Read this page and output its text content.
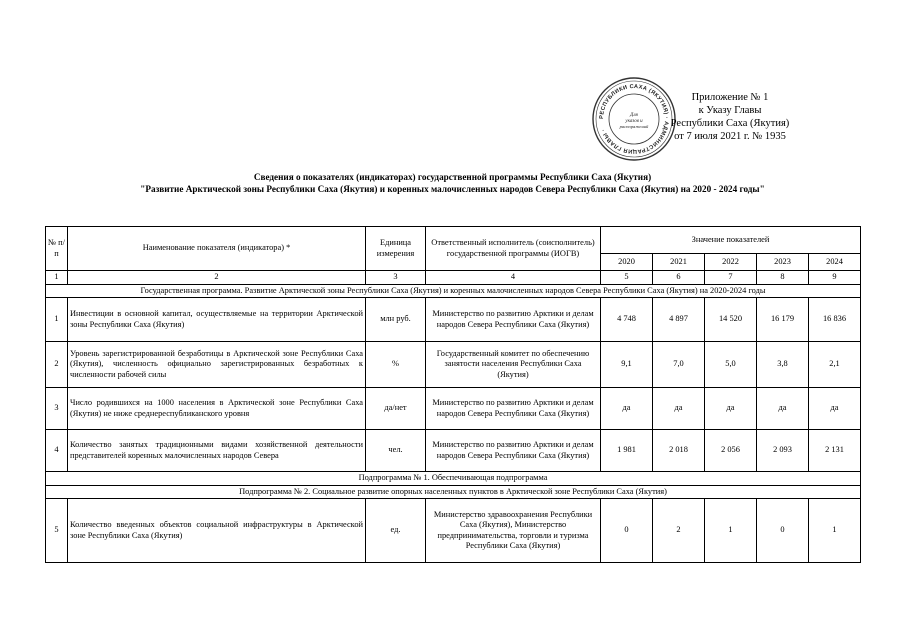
РЕСПУБЛИКИ САХА (ЯКУТИЯ) · АДМИНИСТРАЦИЯ ГЛАВЫ ·
Для
указов и
распоряжений
Приложение № 1
к Указу Главы
Республики Саха (Якутия)
от 7 июля 2021 г. № 1935
Сведения о показателях (индикаторах) государственной программы Республики Саха (Якутия)
"Развитие Арктической зоны Республики Саха (Якутия) и коренных малочисленных народов Севера Республики Саха (Якутия) на 2020 - 2024 годы"
№ п/п	Наименование показателя (индикатора) *	Единица измерения	Ответственный исполнитель (соисполнитель) государственной программы (ИОГВ)	Значение показателей				
				2020	2021	2022	2023	2024
1	2	3	4	5	6	7	8	9
Государственная программа. Развитие Арктической зоны Республики Саха (Якутия) и коренных малочисленных народов Севера Республики Саха (Якутия) на 2020-2024 годы								
1	Инвестиции в основной капитал, осуществляемые на территории Арктической зоны Республики Саха (Якутия)	млн руб.	Министерство по развитию Арктики и делам народов Севера Республики Саха (Якутия)	4 748	4 897	14 520	16 179	16 836
2	Уровень зарегистрированной безработицы в Арктической зоне Республики Саха (Якутия), численность официально зарегистрированных безработных к численности рабочей силы	%	Государственный комитет по обеспечению занятости населения Республики Саха (Якутия)	9,1	7,0	5,0	3,8	2,1
3	Число родившихся на 1000 населения в Арктической зоне Республики Саха (Якутия) не ниже среднереспубликанского уровня	да/нет	Министерство по развитию Арктики и делам народов Севера Республики Саха (Якутия)	да	да	да	да	да
4	Количество занятых традиционными видами хозяйственной деятельности представителей коренных малочисленных народов Севера	чел.	Министерство по развитию Арктики и делам народов Севера Республики Саха (Якутия)	1 981	2 018	2 056	2 093	2 131
Подпрограмма № 1. Обеспечивающая подпрограмма								
Подпрограмма № 2. Социальное развитие опорных населенных пунктов в Арктической зоне Республики Саха (Якутия)								
5	Количество введенных объектов социальной инфраструктуры в Арктической зоне Республики Саха (Якутия)	ед.	Министерство здравоохранения Республики Саха (Якутия), Министерство предпринимательства, торговли и туризма Республики Саха (Якутия)	0	2	1	0	1
